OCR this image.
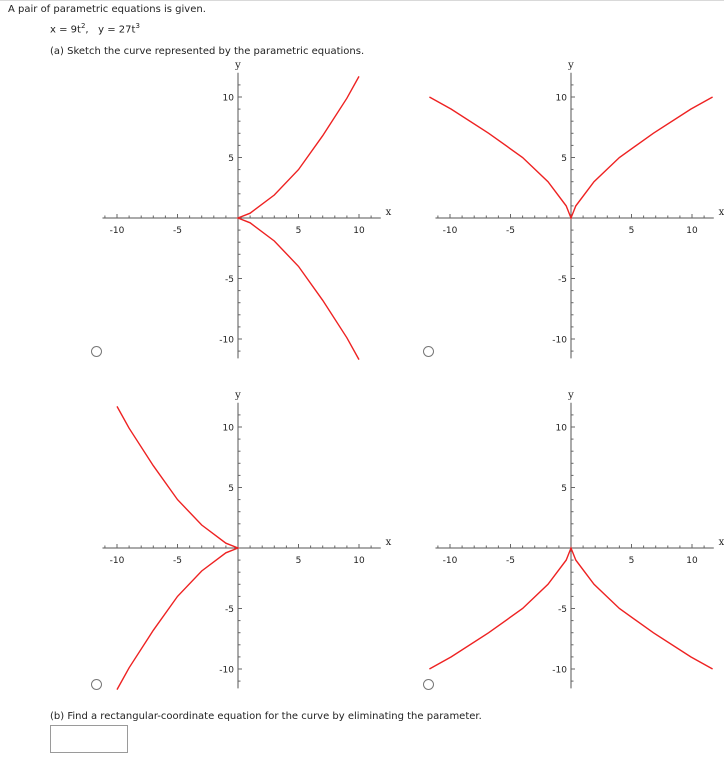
A pair of parametric equations is given.
$x = 9t^2$, $y = 27t^3$
(a) Sketch the curve represented by the parametric equations.
-10	-5	5	10
10
5
-5
-10
y
x
-10	-5	5	10
10
5
-5
-10
y
x
-10	-5	5	10
10
5
-5
-10
y
x
-10	-5	5	10
10
5
-5
-10
y
x
(b) Find a rectangular-coordinate equation for the curve by eliminating the parameter.
